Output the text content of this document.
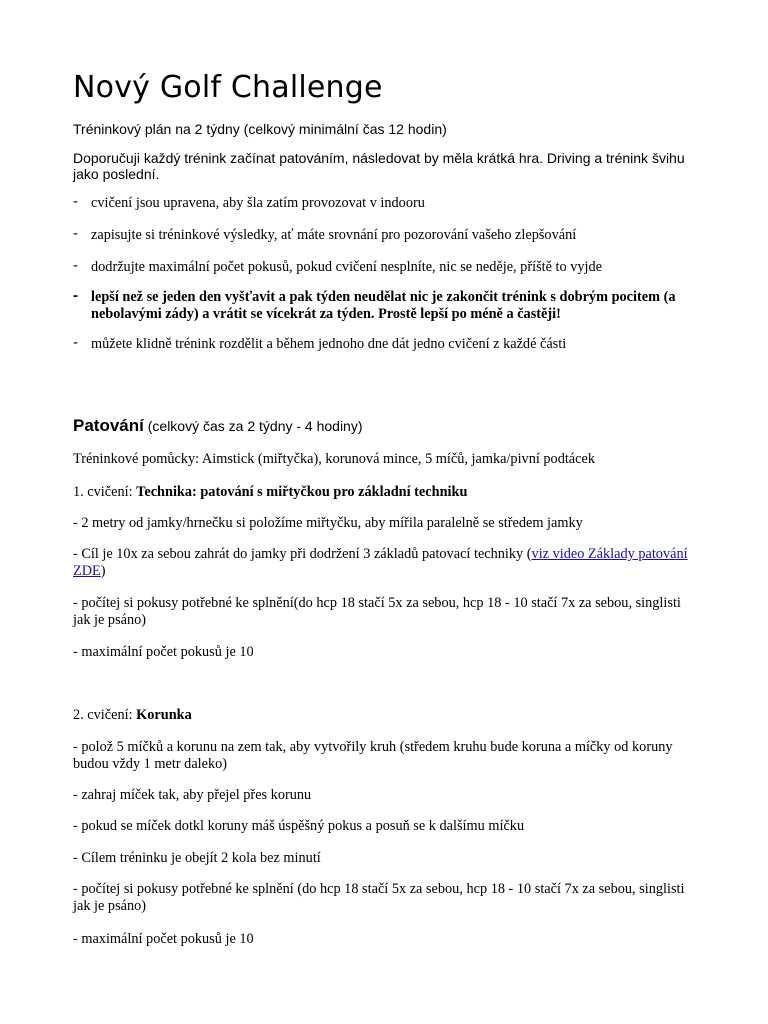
Nový Golf Challenge

Tréninkový plán na 2 týdny (celkový minimální čas 12 hodin)

Doporučuji každý trénink začínat patováním, následovat by měla krátká hra. Driving a trénink švihu jako poslední.

- cvičení jsou upravena, aby šla zatím provozovat v indooru
- zapisujte si tréninkové výsledky, ať máte srovnání pro pozorování vašeho zlepšování
- dodržujte maximální počet pokusů, pokud cvičení nesplníte, nic se neděje, příště to vyjde
- lepší než se jeden den vyšťavit a pak týden neudělat nic je zakončit trénink s dobrým pocitem (a nebolavými zády) a vrátit se vícekrát za týden. Prostě lepší po méně a častěji!
- můžete klidně trénink rozdělit a během jednoho dne dát jedno cvičení z každé části

Patování (celkový čas za 2 týdny - 4 hodiny)

Tréninkové pomůcky: Aimstick (miřtyčka), korunová mince, 5 míčů, jamka/pivní podtácek

1. cvičení: Technika: patování s miřtyčkou pro základní techniku

- 2 metry od jamky/hrnečku si položíme miřtyčku, aby mířila paralelně se středem jamky

- Cíl je 10x za sebou zahrát do jamky při dodržení 3 základů patovací techniky (viz video Základy patování ZDE)

- počítej si pokusy potřebné ke splnění(do hcp 18 stačí 5x za sebou, hcp 18 - 10 stačí 7x za sebou, singlisti jak je psáno)

- maximální počet pokusů je 10

2. cvičení: Korunka

- polož 5 míčků a korunu na zem tak, aby vytvořily kruh (středem kruhu bude koruna a míčky od koruny budou vždy 1 metr daleko)

- zahraj míček tak, aby přejel přes korunu

- pokud se míček dotkl koruny máš úspěšný pokus a posuň se k dalšímu míčku

- Cílem tréninku je obejít 2 kola bez minutí

- počítej si pokusy potřebné ke splnění (do hcp 18 stačí 5x za sebou, hcp 18 - 10 stačí 7x za sebou, singlisti jak je psáno)

- maximální počet pokusů je 10
